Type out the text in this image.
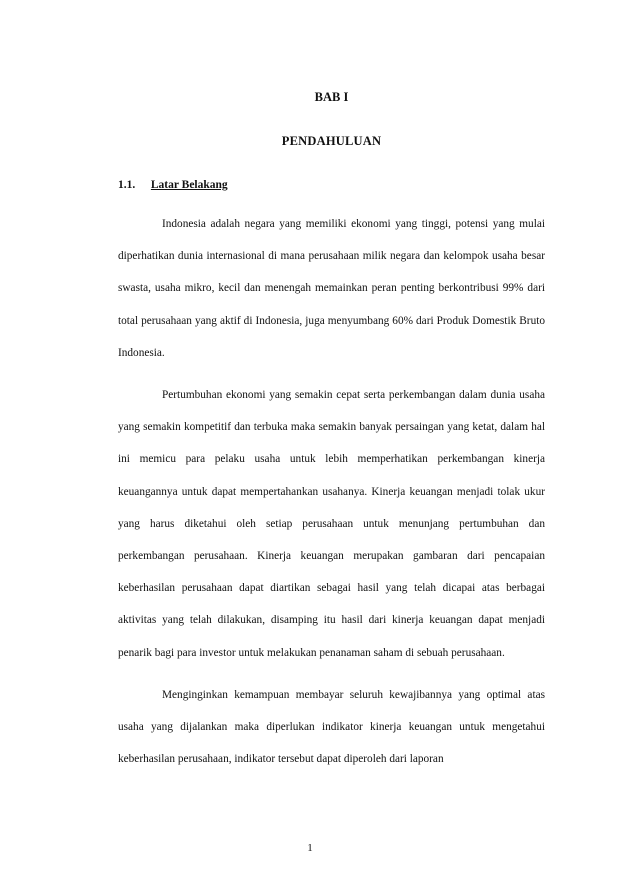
BAB I
PENDAHULUAN
1.1. Latar Belakang

Indonesia adalah negara yang memiliki ekonomi yang tinggi, potensi yang mulai diperhatikan dunia internasional di mana perusahaan milik negara dan kelompok usaha besar swasta, usaha mikro, kecil dan menengah memainkan peran penting berkontribusi 99% dari total perusahaan yang aktif di Indonesia, juga menyumbang 60% dari Produk Domestik Bruto Indonesia.

Pertumbuhan ekonomi yang semakin cepat serta perkembangan dalam dunia usaha yang semakin kompetitif dan terbuka maka semakin banyak persaingan yang ketat, dalam hal ini memicu para pelaku usaha untuk lebih memperhatikan perkembangan kinerja keuangannya untuk dapat mempertahankan usahanya. Kinerja keuangan menjadi tolak ukur yang harus diketahui oleh setiap perusahaan untuk menunjang pertumbuhan dan perkembangan perusahaan. Kinerja keuangan merupakan gambaran dari pencapaian keberhasilan perusahaan dapat diartikan sebagai hasil yang telah dicapai atas berbagai aktivitas yang telah dilakukan, disamping itu hasil dari kinerja keuangan dapat menjadi penarik bagi para investor untuk melakukan penanaman saham di sebuah perusahaan.

Menginginkan kemampuan membayar seluruh kewajibannya yang optimal atas usaha yang dijalankan maka diperlukan indikator kinerja keuangan untuk mengetahui keberhasilan perusahaan, indikator tersebut dapat diperoleh dari laporan

1
